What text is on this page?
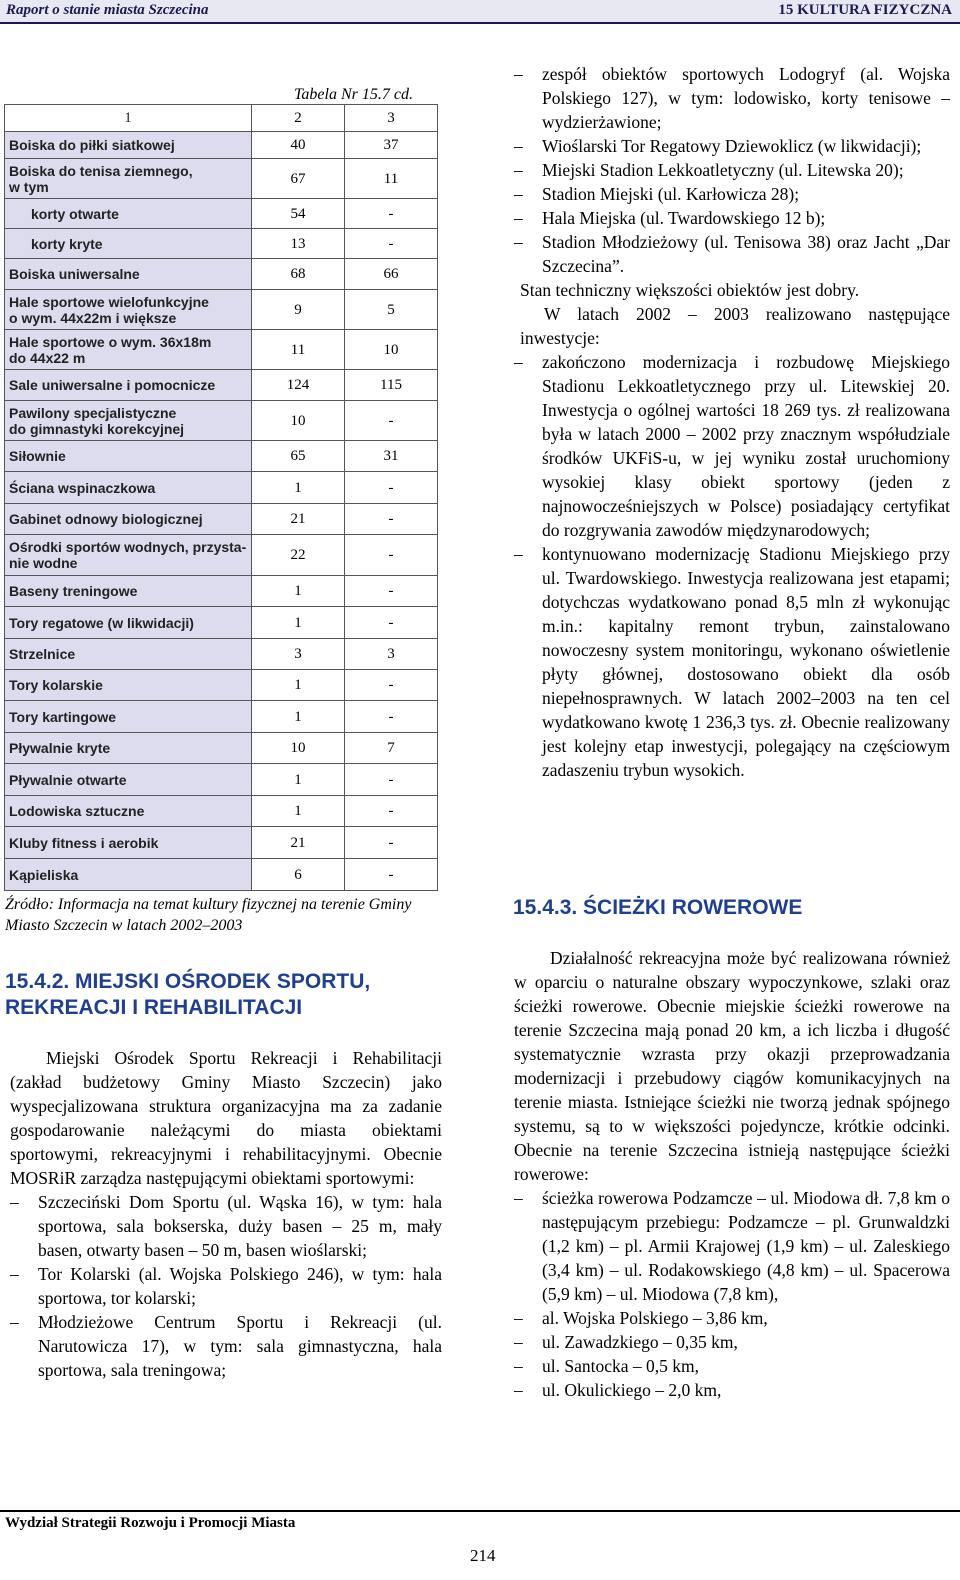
Raport o stanie miasta Szczecina	15 KULTURA FIZYCZNA
Tabela Nr 15.7 cd.
1	2	3
Boiska do piłki siatkowej	40	37
Boiska do tenisa ziemnego,
w tym	67	11
korty otwarte	54	-
korty kryte	13	-
Boiska uniwersalne	68	66
Hale sportowe wielofunkcyjne
o wym. 44x22m i większe	9	5
Hale sportowe o wym. 36x18m
do 44x22 m	11	10
Sale uniwersalne i pomocnicze	124	115
Pawilony specjalistyczne
do gimnastyki korekcyjnej	10	-
Siłownie	65	31
Ściana wspinaczkowa	1	-
Gabinet odnowy biologicznej	21	-
Ośrodki sportów wodnych, przysta-
nie wodne	22	-
Baseny treningowe	1	-
Tory regatowe (w likwidacji)	1	-
Strzelnice	3	3
Tory kolarskie	1	-
Tory kartingowe	1	-
Pływalnie kryte	10	7
Pływalnie otwarte	1	-
Lodowiska sztuczne	1	-
Kluby fitness i aerobik	21	-
Kąpieliska	6	-
Źródło: Informacja na temat kultury fizycznej na terenie Gminy Miasto Szczecin w latach 2002–2003
15.4.2. MIEJSKI OŚRODEK SPORTU,
REKREACJI I REHABILITACJI

Miejski Ośrodek Sportu Rekreacji i Rehabilitacji (zakład budżetowy Gminy Miasto Szczecin) jako wyspecjalizowana struktura organizacyjna ma za zadanie gospodarowanie należącymi do miasta obiektami sportowymi, rekreacyjnymi i rehabilitacyjnymi. Obecnie MOSRiR zarządza następującymi obiektami sportowymi:

– Szczeciński Dom Sportu (ul. Wąska 16), w tym: hala sportowa, sala bokserska, duży basen – 25 m, mały basen, otwarty basen – 50 m, basen wioślarski;

– Tor Kolarski (al. Wojska Polskiego 246), w tym: hala sportowa, tor kolarski;

– Młodzieżowe Centrum Sportu i Rekreacji (ul. Narutowicza 17), w tym: sala gimnastyczna, hala sportowa, sala treningowa;

– zespół obiektów sportowych Lodogryf (al. Wojska Polskiego 127), w tym: lodowisko, korty tenisowe – wydzierżawione;

– Wioślarski Tor Regatowy Dziewoklicz (w likwidacji);

– Miejski Stadion Lekkoatletyczny (ul. Litewska 20);

– Stadion Miejski (ul. Karłowicza 28);

– Hala Miejska (ul. Twardowskiego 12 b);

– Stadion Młodzieżowy (ul. Tenisowa 38) oraz Jacht „Dar Szczecina”.

Stan techniczny większości obiektów jest dobry.

W latach 2002 – 2003 realizowano następujące inwestycje:

– zakończono modernizacja i rozbudowę Miejskiego Stadionu Lekkoatletycznego przy ul. Litewskiej 20. Inwestycja o ogólnej wartości 18 269 tys. zł realizowana była w latach 2000 – 2002 przy znacznym współudziale środków UKFiS-u, w jej wyniku został uruchomiony wysokiej klasy obiekt sportowy (jeden z najnowocześniejszych w Polsce) posiadający certyfikat do rozgrywania zawodów międzynarodowych;

– kontynuowano modernizację Stadionu Miejskiego przy ul. Twardowskiego. Inwestycja realizowana jest etapami; dotychczas wydatkowano ponad 8,5 mln zł wykonując m.in.: kapitalny remont trybun, zainstalowano nowoczesny system monitoringu, wykonano oświetlenie płyty głównej, dostosowano obiekt dla osób niepełnosprawnych. W latach 2002–2003 na ten cel wydatkowano kwotę 1 236,3 tys. zł. Obecnie realizowany jest kolejny etap inwestycji, polegający na częściowym zadaszeniu trybun wysokich.

15.4.3. ŚCIEŻKI ROWEROWE

Działalność rekreacyjna może być realizowana również w oparciu o naturalne obszary wypoczynkowe, szlaki oraz ścieżki rowerowe. Obecnie miejskie ścieżki rowerowe na terenie Szczecina mają ponad 20 km, a ich liczba i długość systematycznie wzrasta przy okazji przeprowadzania modernizacji i przebudowy ciągów komunikacyjnych na terenie miasta. Istniejące ścieżki nie tworzą jednak spójnego systemu, są to w większości pojedyncze, krótkie odcinki. Obecnie na terenie Szczecina istnieją następujące ścieżki rowerowe:

– ścieżka rowerowa Podzamcze – ul. Miodowa dł. 7,8 km o następującym przebiegu: Podzamcze – pl. Grunwaldzki (1,2 km) – pl. Armii Krajowej (1,9 km) – ul. Zaleskiego (3,4 km) – ul. Rodakowskiego (4,8 km) – ul. Spacerowa (5,9 km) – ul. Miodowa (7,8 km),

– al. Wojska Polskiego – 3,86 km,

– ul. Zawadzkiego – 0,35 km,

– ul. Santocka – 0,5 km,

– ul. Okulickiego – 2,0 km,

Wydział Strategii Rozwoju i Promocji Miasta
214
